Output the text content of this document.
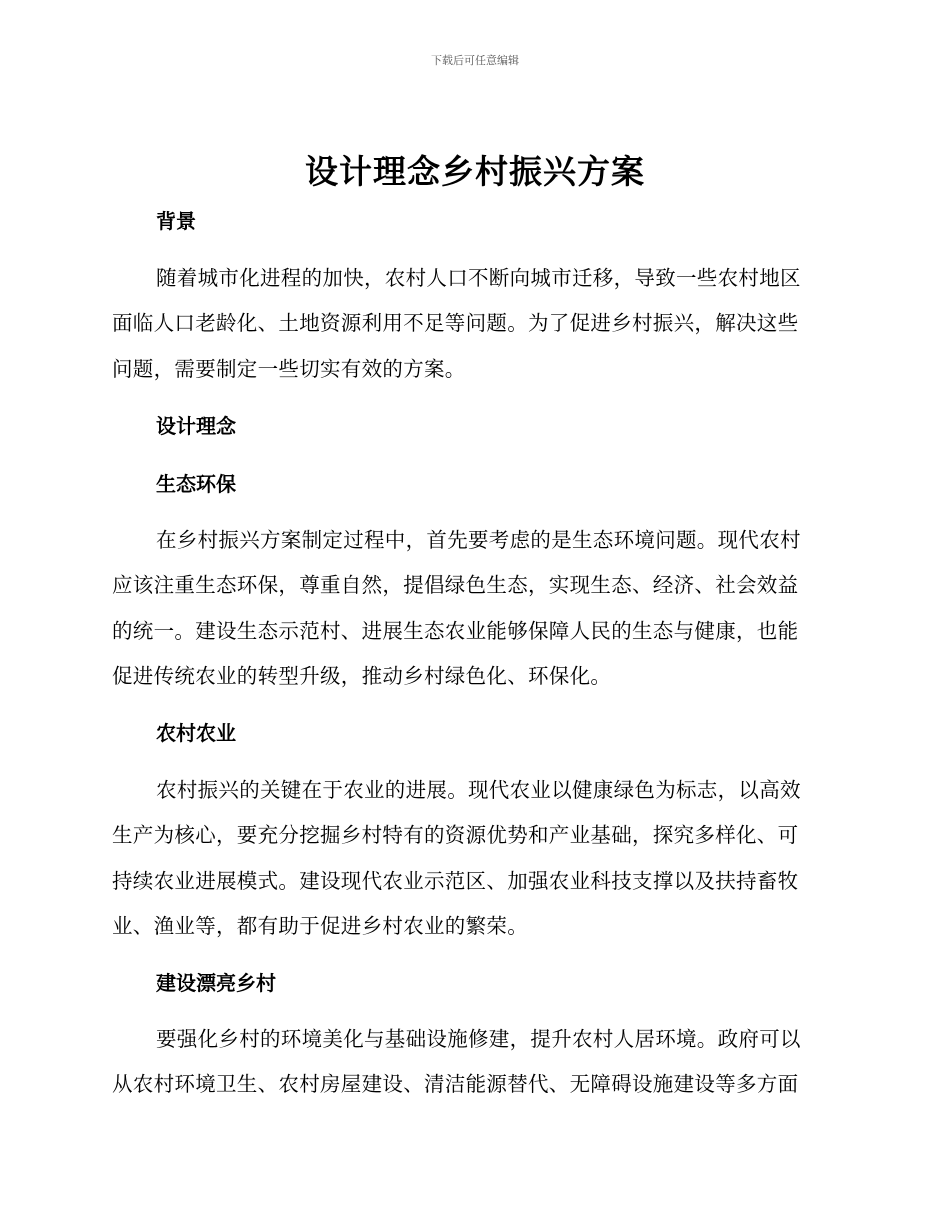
下载后可任意编辑
设计理念乡村振兴方案
背景
随着城市化进程的加快，农村人口不断向城市迁移，导致一些农村地区
面临人口老龄化、土地资源利用不足等问题。为了促进乡村振兴，解决这些
问题，需要制定一些切实有效的方案。
设计理念
生态环保
在乡村振兴方案制定过程中，首先要考虑的是生态环境问题。现代农村
应该注重生态环保，尊重自然，提倡绿色生态，实现生态、经济、社会效益
的统一。建设生态示范村、进展生态农业能够保障人民的生态与健康，也能
促进传统农业的转型升级，推动乡村绿色化、环保化。
农村农业
农村振兴的关键在于农业的进展。现代农业以健康绿色为标志，以高效
生产为核心，要充分挖掘乡村特有的资源优势和产业基础，探究多样化、可
持续农业进展模式。建设现代农业示范区、加强农业科技支撑以及扶持畜牧
业、渔业等，都有助于促进乡村农业的繁荣。
建设漂亮乡村
要强化乡村的环境美化与基础设施修建，提升农村人居环境。政府可以
从农村环境卫生、农村房屋建设、清洁能源替代、无障碍设施建设等多方面
